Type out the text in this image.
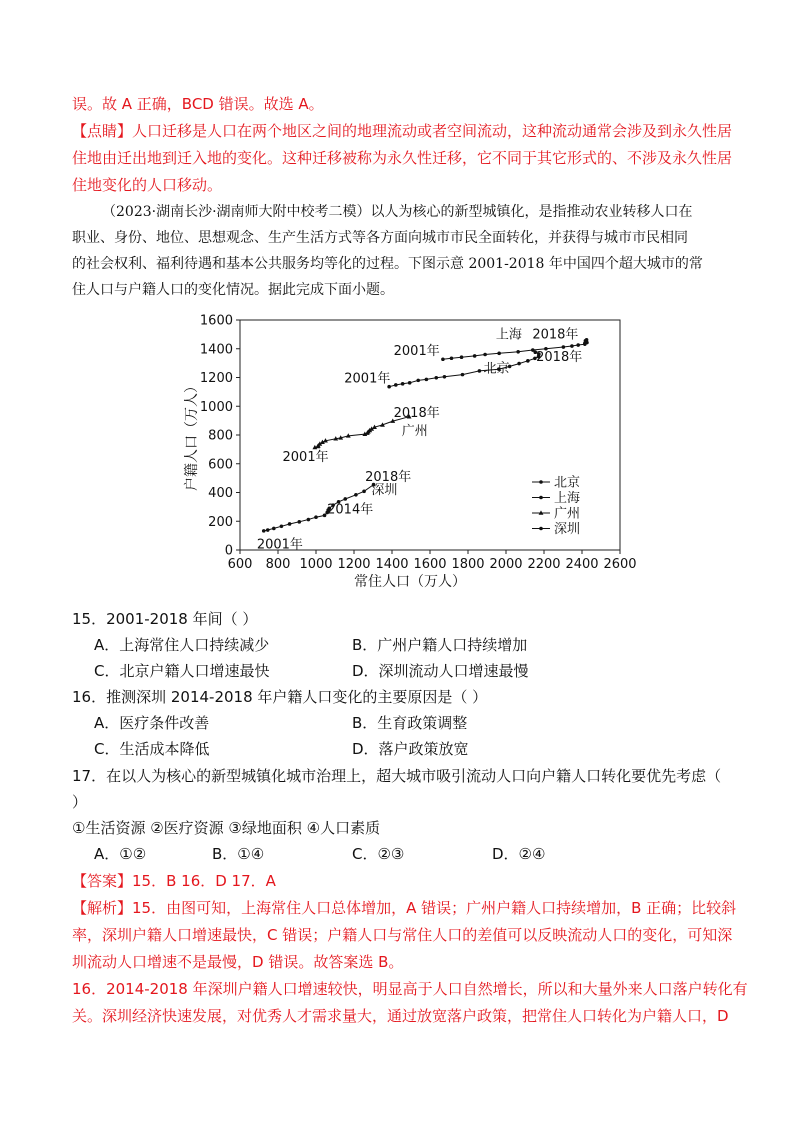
误。故 A 正确，BCD 错误。故选 A。
【点睛】人口迁移是人口在两个地区之间的地理流动或者空间流动，这种流动通常会涉及到永久性居
住地由迁出地到迁入地的变化。这种迁移被称为永久性迁移，它不同于其它形式的、不涉及永久性居
住地变化的人口移动。
（2023·湖南长沙·湖南师大附中校考二模）以人为核心的新型城镇化，是指推动农业转移人口在
职业、身份、地位、思想观念、生产生活方式等各方面向城市市民全面转化，并获得与城市市民相同
的社会权利、福利待遇和基本公共服务均等化的过程。下图示意 2001-2018 年中国四个超大城市的常
住人口与户籍人口的变化情况。据此完成下面小题。
600 800 1000 1200 1400 1600 1800 2000 2200 2400 2600
0
200
400
600
800
1000
1200
1400
1600
常住人口（万人）
户籍人口（万人）
上海 2018年
2001年	2018年
北京
2001年
2018年
广州
2001年
2018年
深圳
2014年
2001年
北京
上海
广州
深圳
15．2001-2018 年间（ ）
A．上海常住人口持续减少	B．广州户籍人口持续增加
C．北京户籍人口增速最快	D．深圳流动人口增速最慢
16．推测深圳 2014-2018 年户籍人口变化的主要原因是（ ）
A．医疗条件改善	B．生育政策调整
C．生活成本降低	D．落户政策放宽
17．在以人为核心的新型城镇化城市治理上，超大城市吸引流动人口向户籍人口转化要优先考虑（
）
①生活资源 ②医疗资源 ③绿地面积 ④人口素质
A．①②	B．①④	C．②③	D．②④
【答案】15．B 16．D 17．A
【解析】15．由图可知，上海常住人口总体增加，A 错误；广州户籍人口持续增加，B 正确；比较斜
率，深圳户籍人口增速最快，C 错误；户籍人口与常住人口的差值可以反映流动人口的变化，可知深
圳流动人口增速不是最慢，D 错误。故答案选 B。
16．2014-2018 年深圳户籍人口增速较快，明显高于人口自然增长，所以和大量外来人口落户转化有
关。深圳经济快速发展，对优秀人才需求量大，通过放宽落户政策，把常住人口转化为户籍人口，D
